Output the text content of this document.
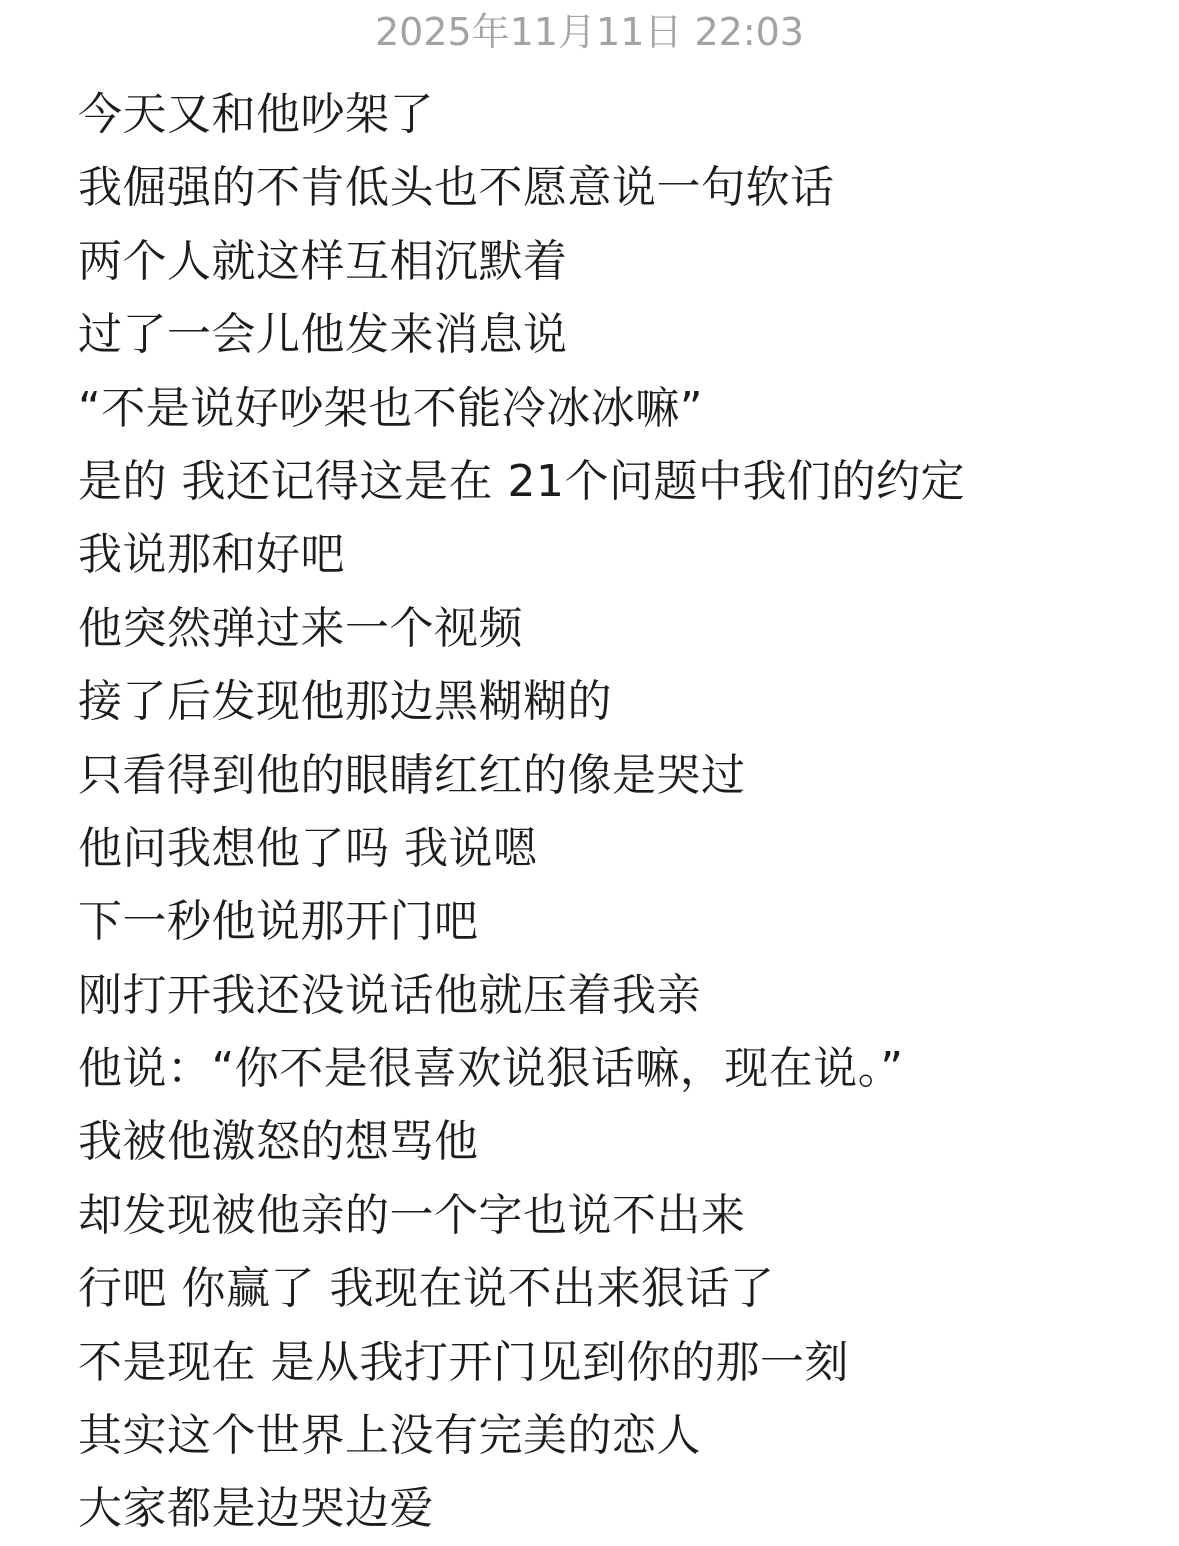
2025年11月11日 22:03
今天又和他吵架了
我倔强的不肯低头也不愿意说一句软话
两个人就这样互相沉默着
过了一会儿他发来消息说
“不是说好吵架也不能冷冰冰嘛”
是的 我还记得这是在 21个问题中我们的约定
我说那和好吧
他突然弹过来一个视频
接了后发现他那边黑糊糊的
只看得到他的眼睛红红的像是哭过
他问我想他了吗 我说嗯
下一秒他说那开门吧
刚打开我还没说话他就压着我亲
他说：“你不是很喜欢说狠话嘛，现在说。”
我被他激怒的想骂他
却发现被他亲的一个字也说不出来
行吧 你赢了 我现在说不出来狠话了
不是现在 是从我打开门见到你的那一刻
其实这个世界上没有完美的恋人
大家都是边哭边爱
